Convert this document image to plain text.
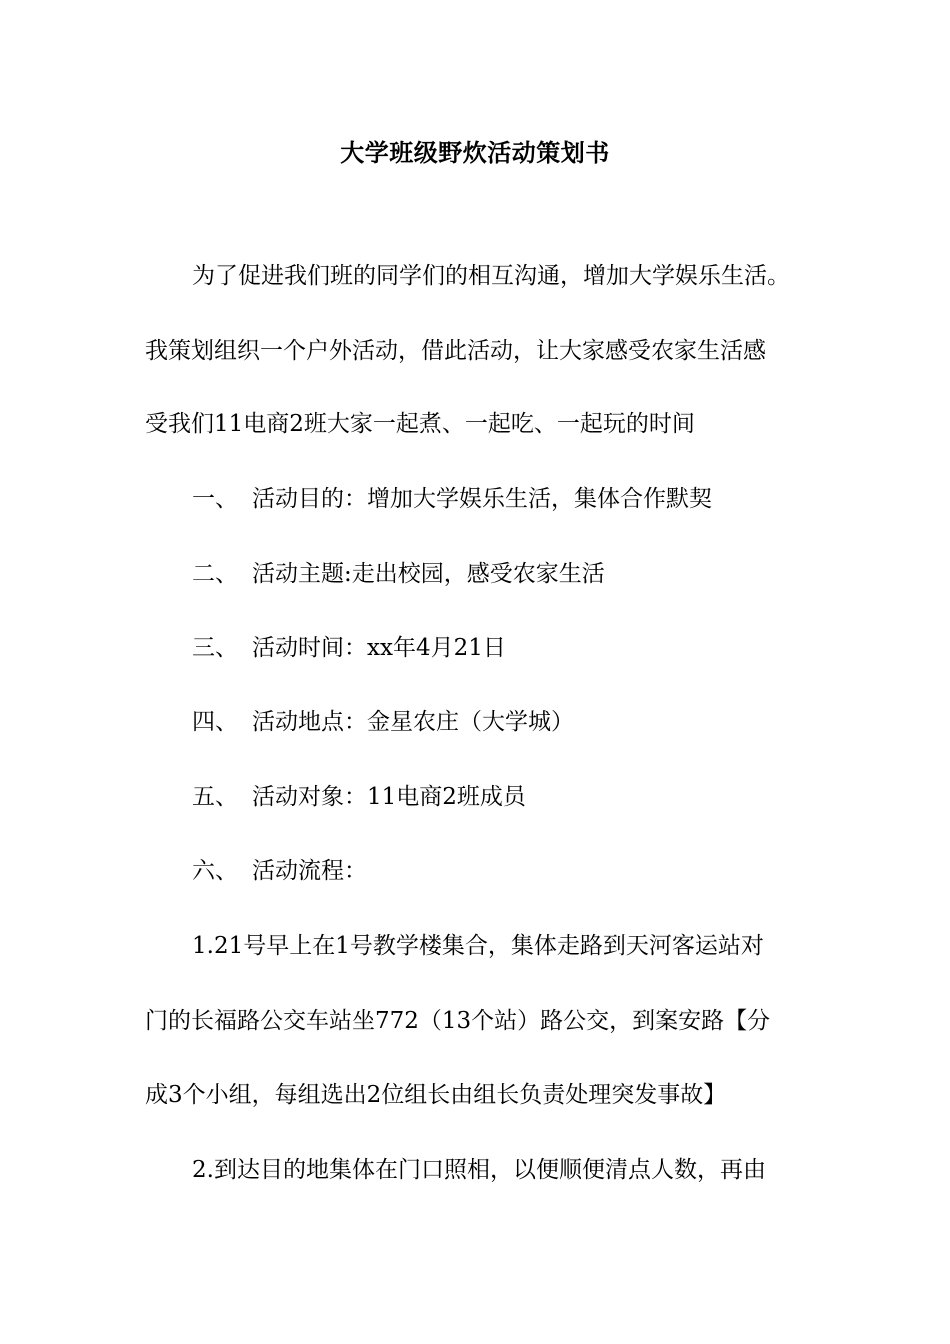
大学班级野炊活动策划书
为了促进我们班的同学们的相互沟通，增加大学娱乐生活。
我策划组织一个户外活动，借此活动，让大家感受农家生活感
受我们11电商2班大家一起煮、一起吃、一起玩的时间
一、 活动目的：增加大学娱乐生活，集体合作默契
二、 活动主题:走出校园，感受农家生活
三、 活动时间：xx年4月21日
四、 活动地点：金星农庄（大学城）
五、 活动对象：11电商2班成员
六、 活动流程：
1.21号早上在1号教学楼集合，集体走路到天河客运站对
门的长福路公交车站坐772（13个站）路公交，到案安路【分
成3个小组，每组选出2位组长由组长负责处理突发事故】
2.到达目的地集体在门口照相，以便顺便清点人数，再由
